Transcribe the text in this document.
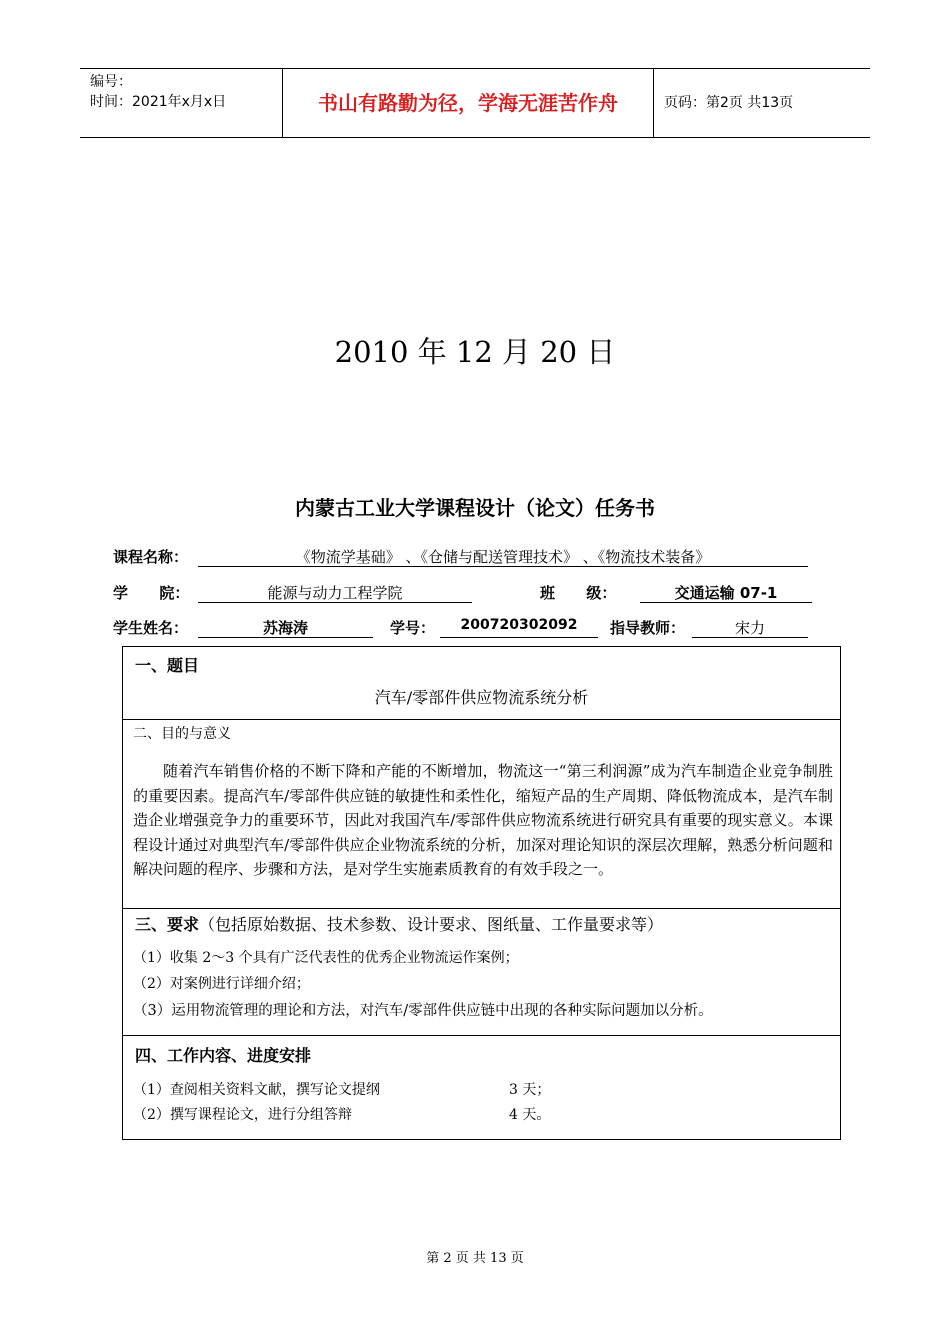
编号：
时间：2021年x月x日	书山有路勤为径，学海无涯苦作舟	页码：第2页 共13页
2010 年 12 月 20 日
内蒙古工业大学课程设计（论文）任务书
课程名称：	《物流学基础》 、《仓储与配送管理技术》 、《物流技术装备》
学      院：	能源与动力工程学院	班      级：	交通运输 07-1
学生姓名：	苏海涛	学号：	200720302092	指导教师：	宋力
一、题目
汽车/零部件供应物流系统分析
二、目的与意义
随着汽车销售价格的不断下降和产能的不断增加，物流这一“第三利润源”成为汽车制造企业竞争制胜的重要因素。提高汽车/零部件供应链的敏捷性和柔性化，缩短产品的生产周期、降低物流成本，是汽车制造企业增强竞争力的重要环节，因此对我国汽车/零部件供应物流系统进行研究具有重要的现实意义。本课程设计通过对典型汽车/零部件供应企业物流系统的分析，加深对理论知识的深层次理解，熟悉分析问题和解决问题的程序、步骤和方法，是对学生实施素质教育的有效手段之一。
三、要求（包括原始数据、技术参数、设计要求、图纸量、工作量要求等）
（1）收集 2～3 个具有广泛代表性的优秀企业物流运作案例；
（2）对案例进行详细介绍；
（3）运用物流管理的理论和方法，对汽车/零部件供应链中出现的各种实际问题加以分析。
四、工作内容、进度安排
（1）查阅相关资料文献，撰写论文提纲	3 天；
（2）撰写课程论文，进行分组答辩	4 天。
第 2 页 共 13 页
